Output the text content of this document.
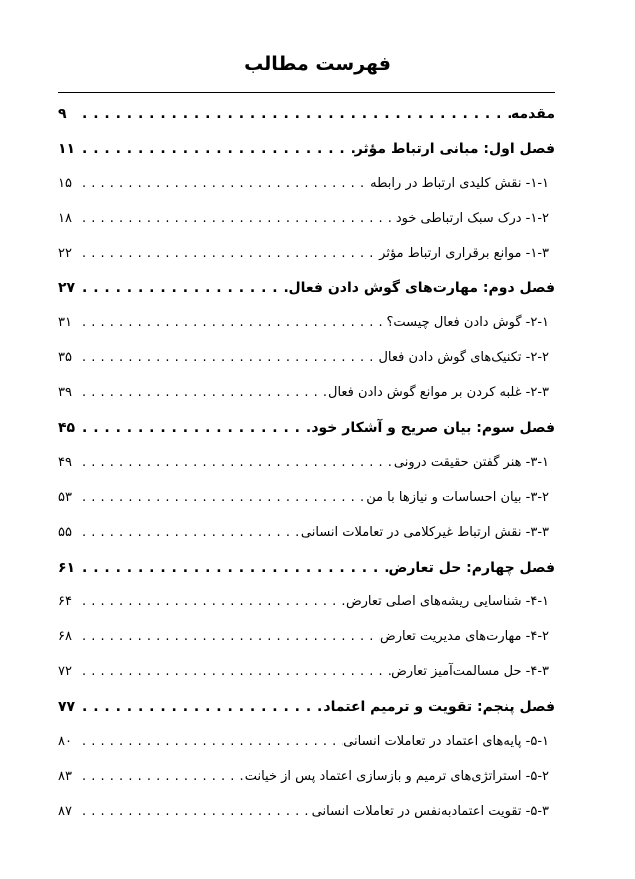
فهرست مطالب
مقدمه
. . .
۹
فصل اول: مبانی ارتباط مؤثر
. . .
۱۱
۱-۱- نقش کلیدی ارتباط در رابطه
. . .
۱۵
۱-۲- درک سبک ارتباطی خود
. . .
۱۸
۱-۳- موانع برقراری ارتباط مؤثر
. . .
۲۲
فصل دوم: مهارت‌های گوش دادن فعال
. . .
۲۷
۲-۱- گوش دادن فعال چیست؟
. . .
۳۱
۲-۲- تکنیک‌های گوش دادن فعال
. . .
۳۵
۲-۳- غلبه کردن بر موانع گوش دادن فعال
. . .
۳۹
فصل سوم: بیان صریح و آشکار خود
. . .
۴۵
۳-۱- هنر گفتن حقیقت درونی
. . .
۴۹
۳-۲- بیان احساسات و نیازها با من
. . .
۵۳
۳-۳- نقش ارتباط غیرکلامی در تعاملات انسانی
. . .
۵۵
فصل چهارم: حل تعارض
. . .
۶۱
۴-۱- شناسایی ریشه‌های اصلی تعارض
. . .
۶۴
۴-۲- مهارت‌های مدیریت تعارض
. . .
۶۸
۴-۳- حل مسالمت‌آمیز تعارض
. . .
۷۲
فصل پنجم: تقویت و ترمیم اعتماد
. . .
۷۷
۵-۱- پایه‌های اعتماد در تعاملات انسانی
. . .
۸۰
۵-۲- استراتژی‌های ترمیم و بازسازی اعتماد پس از خیانت
. . .
۸۳
۵-۳- تقویت اعتمادبه‌نفس در تعاملات انسانی
. . .
۸۷
